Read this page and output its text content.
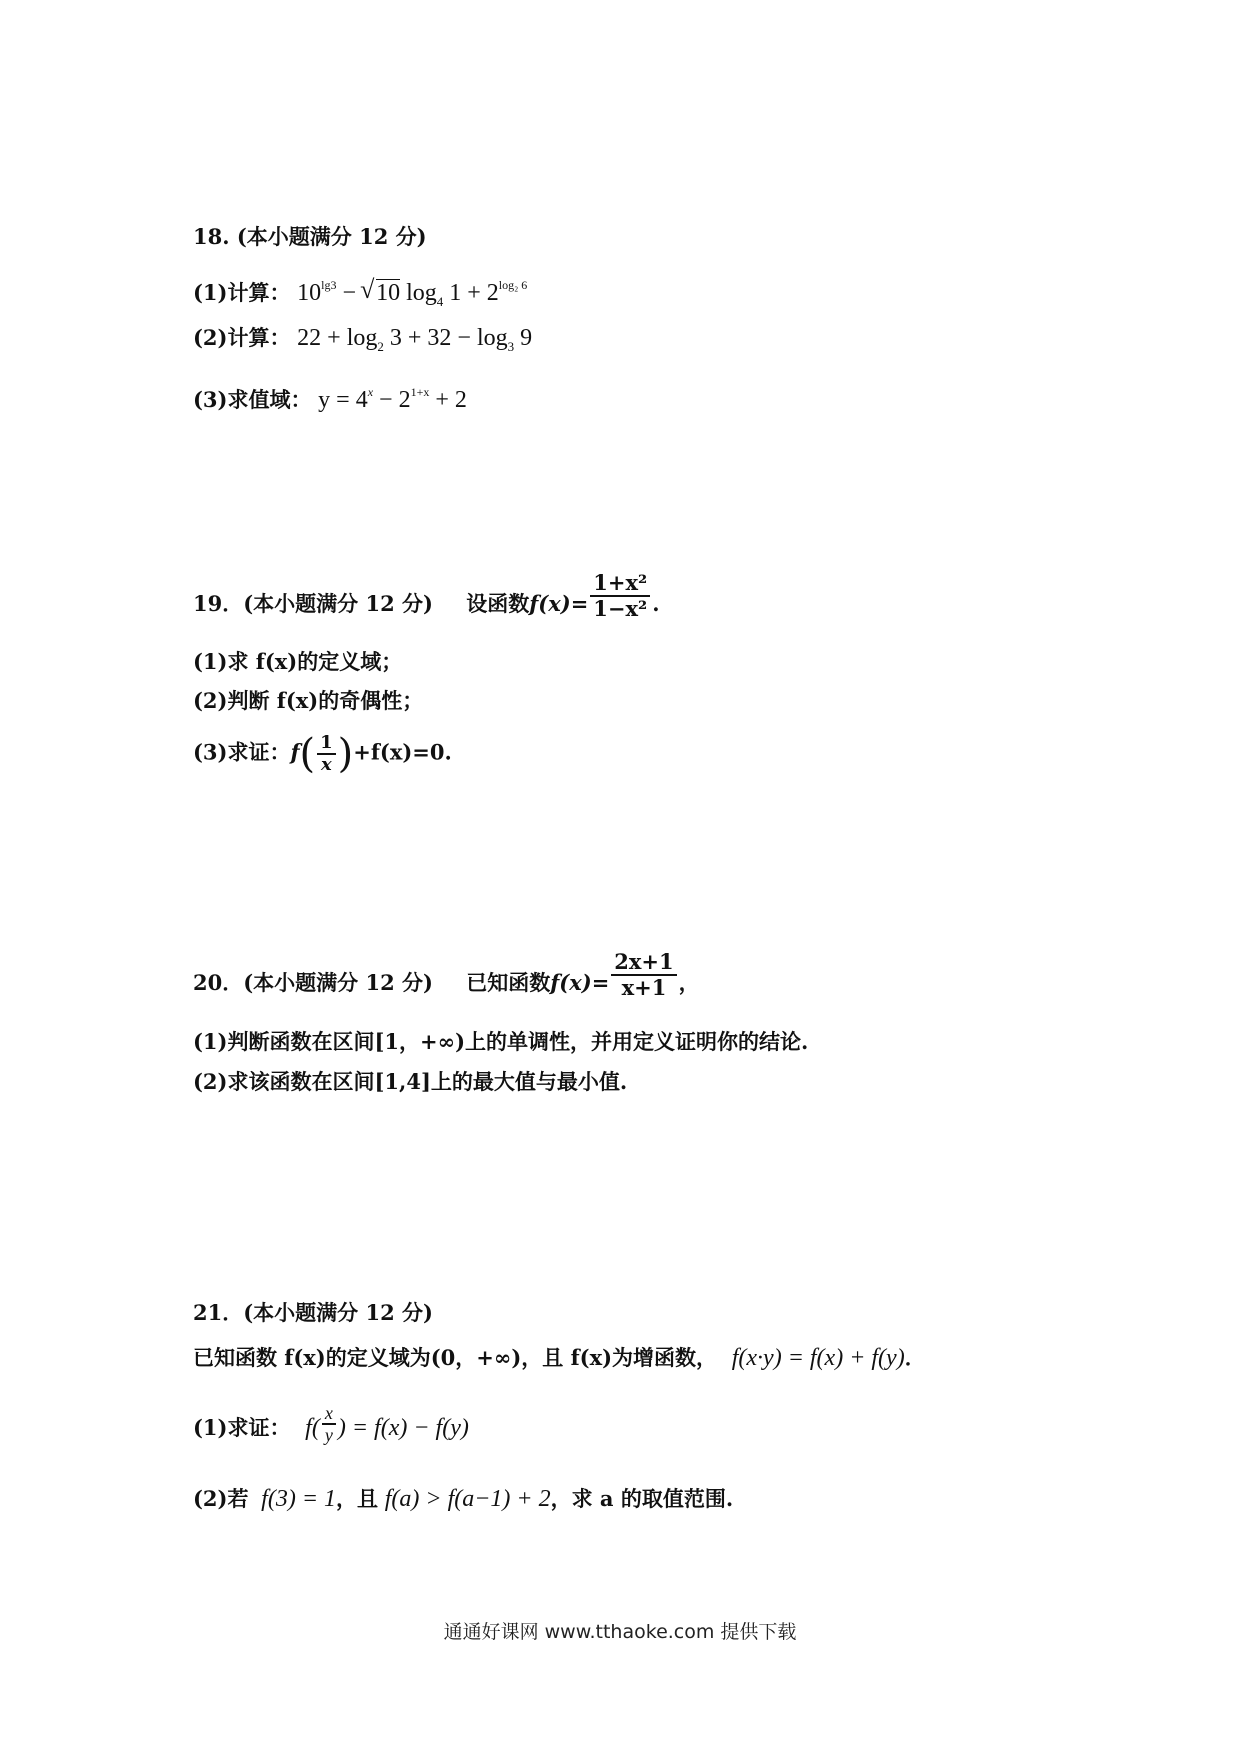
18. (本小题满分 12 分)
(1)计算： $10^{lg3}$ − √ 10 $\log_4 1 + 2^{log_2 6}$
(2)计算： $22 + \log_2 3 + 32 - \log_3 9$
(3)求值域： $y = 4^x - 2^{1+x} + 2$
19．(本小题满分 12 分) 设函数$f(x)= \frac{\text{1+x²}}{\text{1−x²}}$ .
(1)求 f(x)的定义域；
(2)判断 f(x)的奇偶性；
(3)求证：$f( \frac{1}{x} )+f(x)=0$.
20．(本小题满分 12 分) 已知函数$f(x)= \frac{2x+1}{x+1}$ ，
(1)判断函数在区间[1，+∞)上的单调性，并用定义证明你的结论.
(2)求该函数在区间[1,4]上的最大值与最小值.
21．(本小题满分 12 分)
已知函数 f(x)的定义域为(0，+∞)，且 f(x)为增函数， f(x·y) = f(x) + f(y)．
(1)求证： $f( \frac{x}{y}$ ) = f(x) − f(y)
(2)若 f(3) = 1，且 f(a) > f(a−1) + 2，求 a 的取值范围.
通通好课网 www.tthaoke.com 提供下载
